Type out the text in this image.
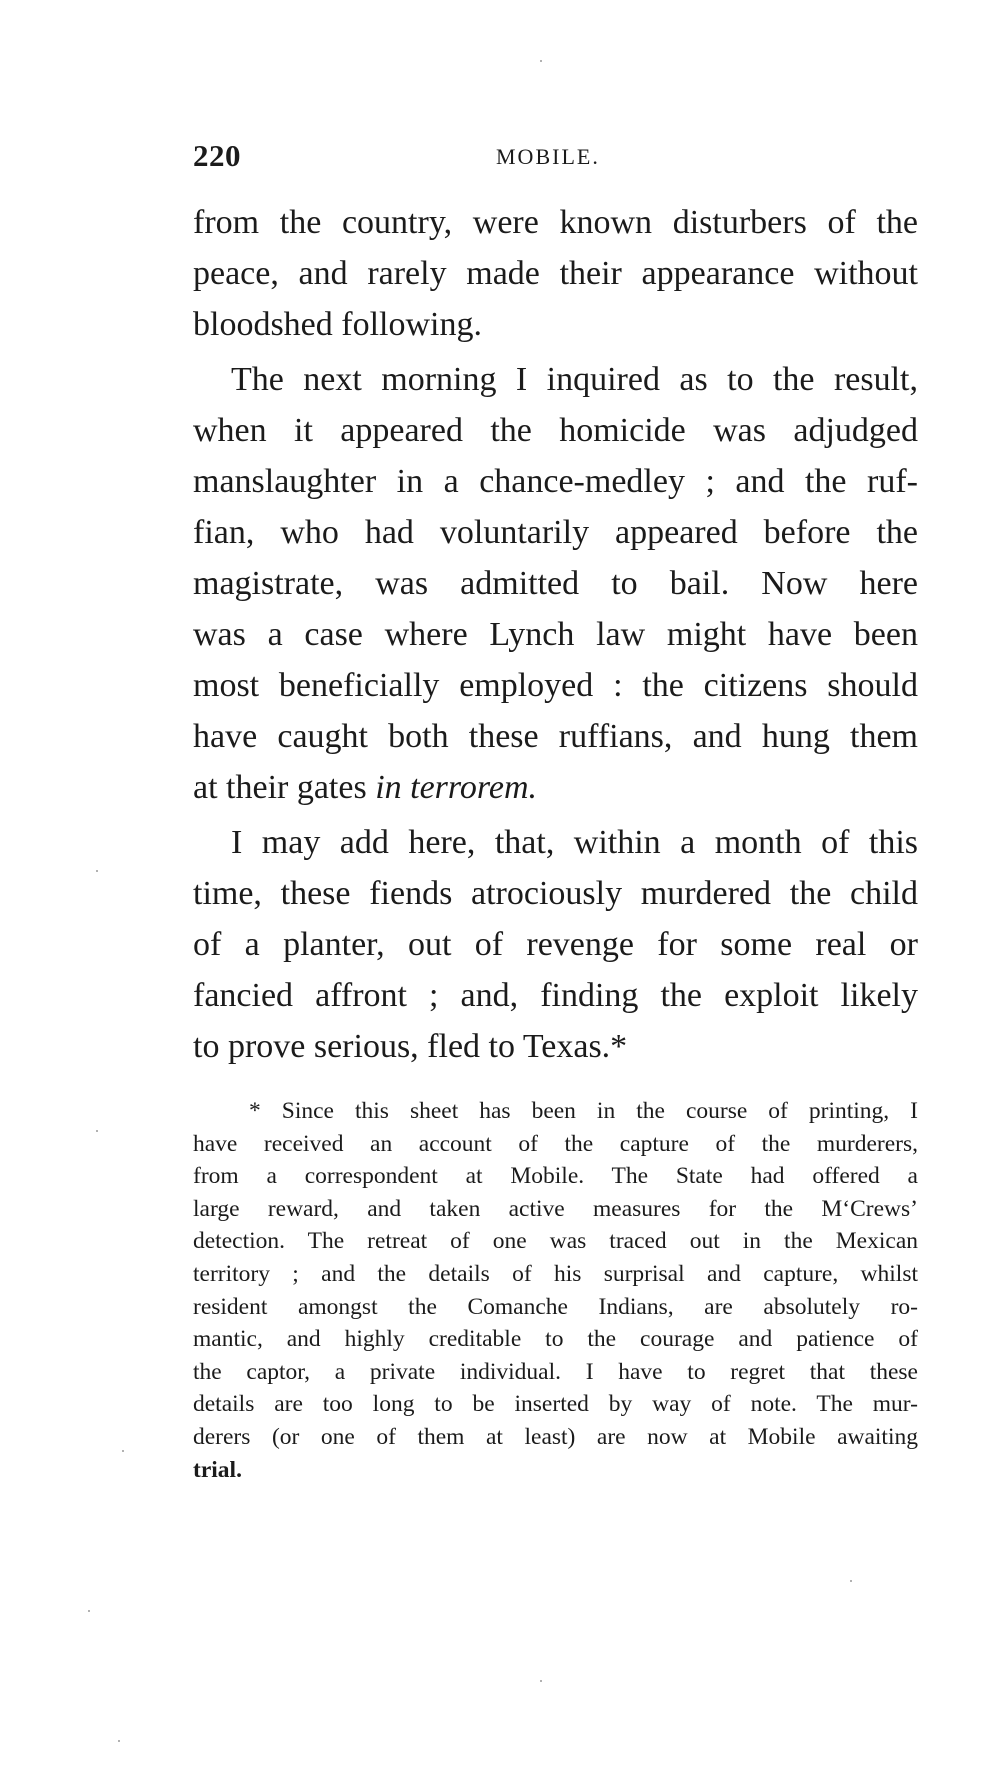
220	MOBILE.
from the country, were known disturbers of the
peace, and rarely made their appearance without
bloodshed following.
The next morning I inquired as to the result,
when it appeared the homicide was adjudged
manslaughter in a chance-medley ; and the ruf-
fian, who had voluntarily appeared before the
magistrate, was admitted to bail. Now here
was a case where Lynch law might have been
most beneficially employed : the citizens should
have caught both these ruffians, and hung them
at their gates in terrorem.
I may add here, that, within a month of this
time, these fiends atrociously murdered the child
of a planter, out of revenge for some real or
fancied affront ; and, finding the exploit likely
to prove serious, fled to Texas.*
* Since this sheet has been in the course of printing, I
have received an account of the capture of the murderers,
from a correspondent at Mobile. The State had offered a
large reward, and taken active measures for the M‘Crews’
detection. The retreat of one was traced out in the Mexican
territory ; and the details of his surprisal and capture, whilst
resident amongst the Comanche Indians, are absolutely ro-
mantic, and highly creditable to the courage and patience of
the captor, a private individual. I have to regret that these
details are too long to be inserted by way of note. The mur-
derers (or one of them at least) are now at Mobile awaiting
trial.
